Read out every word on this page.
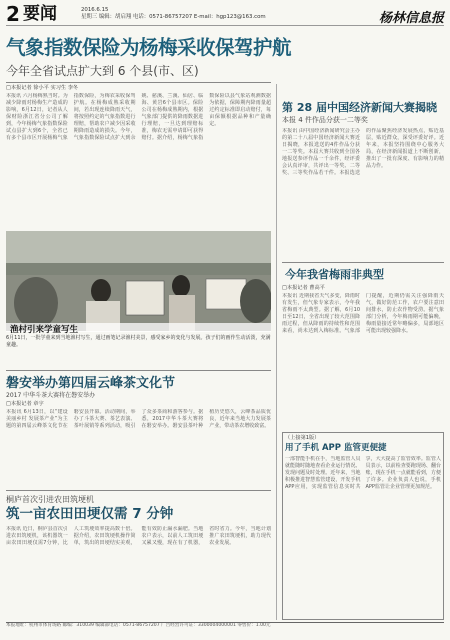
2 要闻	2016.6.15
星期三 编辑：胡启翔 电话：0571-86757207 E-mail：hgp123@163.com	杨林信息报
气象指数保险为杨梅采收保驾护航
今年全省试点扩大到 6 个县(市、区)
□本报记者 徐小平 实习生 李冬
本报讯 六月杨梅熟当时。为减少降雨对杨梅生产造成的影响，6月12日，记者从人保财险浙江省分公司了解到，今年杨梅气象指数保险试点县扩大到6个，全省已有多个县市区开展杨梅气象指数保险，为梅农采收保驾护航。在杨梅成熟采收期间，若出现连续降雨天气，将按照约定的气象指数进行理赔，帮助农户减少因采收期降雨造成的损失。今年，气象指数保险试点扩大到余姚、慈溪、兰溪、仙居、临海、黄岩6个县市区。保险公司在杨梅成熟期内，根据气象部门提供的降雨数据进行理赔，一旦达到理赔标准，梅农无需申请即可获得赔付。据介绍，杨梅气象指数保险以县气象站观测数据为依据，保障期内降雨量超过约定标准即启动赔付，每亩保额根据品种和产量确定。
渔村引来学童写生
6月11日，一批学童来到当地渔村写生，通过画笔记录渔村美景，感受家乡的变化与发展。孩子们的画作生动活泼，充满童趣。
第 28 届中国经济新闻大赛揭晓
本报 4 件作品分获一二等奖
本报讯 由中国经济新闻研究会主办的第二十八届中国经济新闻大赛近日揭晓，本报选送的4件作品分获一二等奖。本届大赛共收到全国各地报送参评作品一千余件，经评委会认真评审，共评出一等奖、二等奖、三等奖作品若干件。本报选送的作品聚焦经济发展热点，贴近基层，贴近群众，深受评委好评。近年来，本报坚持围绕中心服务大局，在经济新闻报道上不断创新，推出了一批有深度、有影响力的精品力作。
今年我省梅雨非典型
□本报记者 曹高平
本报讯 近期我省天气多变，降雨时有发生，但气象专家表示，今年我省梅雨不太典型。据了解，6月10日至12日，全省出现了较大范围降雨过程，但从降雨的持续性和范围来看，尚未达到入梅标准。气象部门提醒，近期仍需关注强降雨天气，做好防范工作，农户要注意田间排水，防止农作物受涝。据气象部门分析，今年梅雨期可能偏晚，梅雨量接近常年略偏多，局部地区可能出现较强降水。
（上接第1版）
用了手机 APP 监管更便捷
一部智能手机在手，当地监管人员就能随时随地查看企业运行情况、发现问题及时处理。近年来，当地积极推进智慧监管建设，开发手机APP应用，实现监管信息实时共享，大大提高了监管效率。监管人员表示，以前检查要跑现场、翻台账，现在手机一点就能看到，方便了许多。企业负责人也说，手机APP监管让企业管理更加规范。
磐安举办第四届云峰茶文化节
2017 中华斗茶大赛将在磐安举办
□本报记者 章宇
本报讯 6月13日，以“建设美丽乡村 发展茶产业”为主题的第四届云峰茶文化节在磐安县开幕。活动期间，举办了斗茶大赛、茶艺表演、茶叶展销等系列活动，吸引了众多茶商和游客参与。据悉，2017中华斗茶大赛将在磐安举办。磐安县茶叶种植历史悠久，云峰茶品质优良，近年来当地大力发展茶产业，带动茶农增收致富。
桐庐首次引进农田筑埂机
筑一亩农田田埂仅需 7 分钟
本报讯 近日，桐庐县首次引进农田筑埂机，该机器筑一亩农田田埂仅需7分钟，比人工筑埂效率提高数十倍。据介绍，农田筑埂机操作简单，筑出的田埂结实美观，能有效防止漏水漏肥。当地农户表示，以前人工筑田埂又累又慢，现在有了机器，省时省力。今年，当地计划推广农田筑埂机，助力现代农业发展。
本报地址：杭州市体育场路 邮编：310039 编辑部电话：0571-86757207 广告经营许可证：3300004000001 零售价：1.00元
